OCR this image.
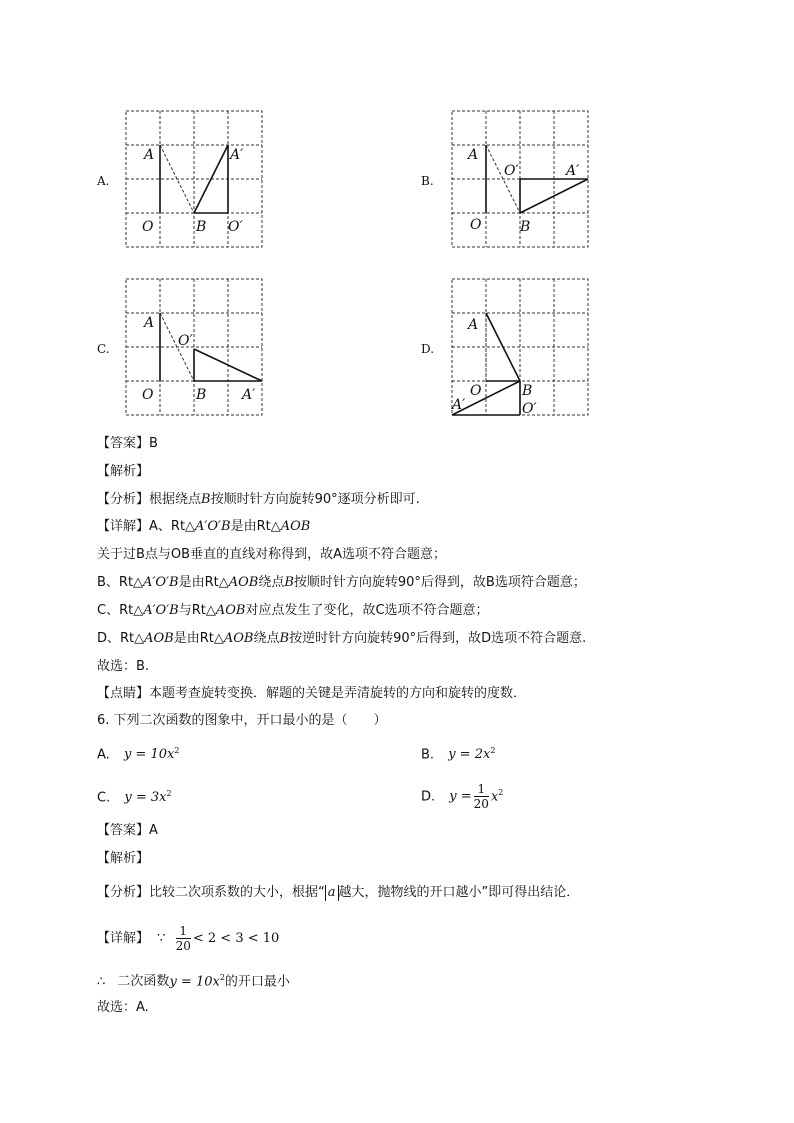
A.
A	A′
O	B O′
B.
A
O′	A′
O	B
C.
A
O′
O	B	A′
D.
A
O	B
A′	O′
【答案】B
【解析】
【分析】根据绕点B按顺时针方向旋转90°逐项分析即可.
【详解】A、Rt△A′O′B是由Rt△AOB
关于过B点与OB垂直的直线对称得到，故A选项不符合题意；
B、Rt△A′O′B是由Rt△AOB绕点B按顺时针方向旋转90°后得到，故B选项符合题意；
C、Rt△A′O′B与Rt△AOB对应点发生了变化，故C选项不符合题意；
D、Rt△AOB是由Rt△AOB绕点B按逆时针方向旋转90°后得到，故D选项不符合题意.
故选：B.
【点睛】本题考查旋转变换．解题的关键是弄清旋转的方向和旋转的度数．
6. 下列二次函数的图象中，开口最小的是（　　）
A. $y = 10x^2$	B. $y = 2x^2$
C. $y = 3x^2$	D. $y = \frac{1}{20} x^2$
【答案】A
【解析】
【分析】比较二次项系数的大小，根据“ a 越大，抛物线的开口越小”即可得出结论．
【详解】 ∵ $\frac{1}{20} < 2 < 3 < 10$
∴ 二次函数$y = 10x^2$的开口最小
故选：A.
